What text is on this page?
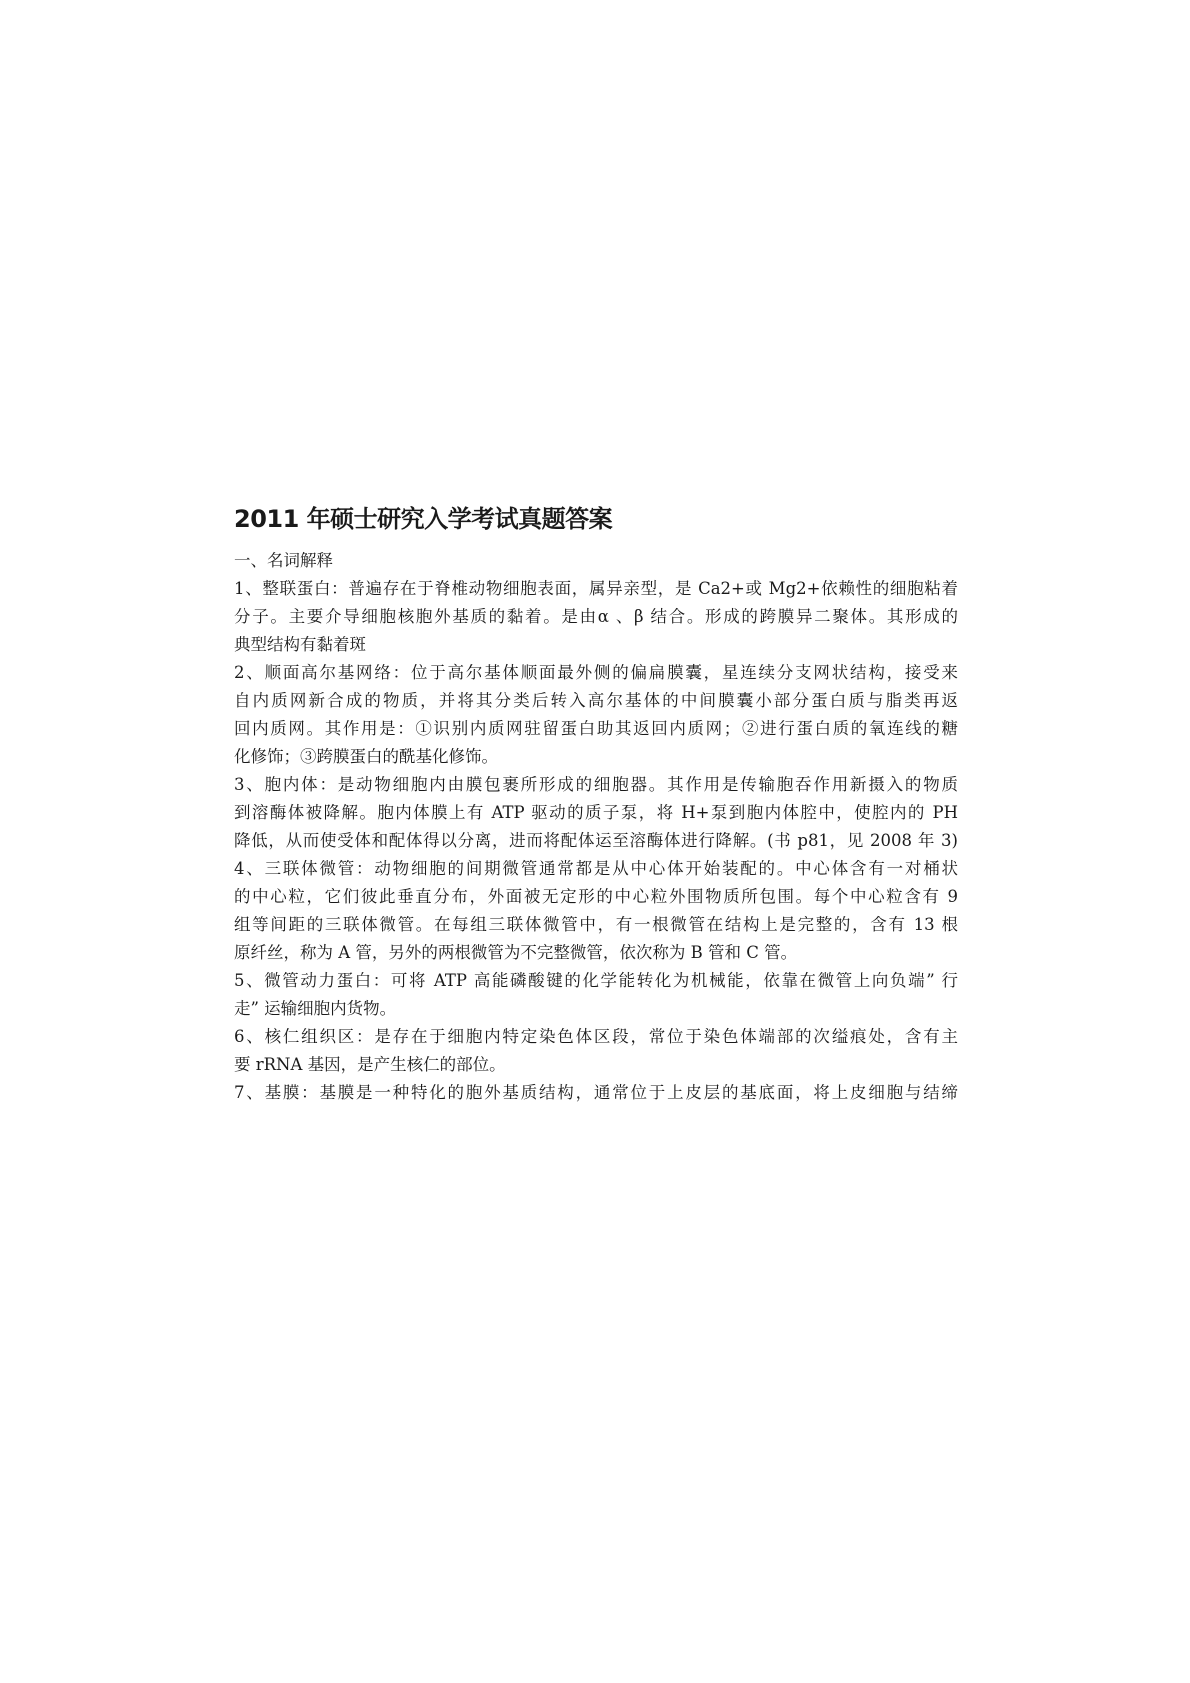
2011 年硕士研究入学考试真题答案
一、名词解释
1、整联蛋白：普遍存在于脊椎动物细胞表面，属异亲型，是 Ca2+或 Mg2+依赖性的细胞粘着
分子。主要介导细胞核胞外基质的黏着。是由α 、β 结合。形成的跨膜异二聚体。其形成的
典型结构有黏着斑
2、顺面高尔基网络：位于高尔基体顺面最外侧的偏扁膜囊，星连续分支网状结构，接受来
自内质网新合成的物质，并将其分类后转入高尔基体的中间膜囊小部分蛋白质与脂类再返
回内质网。其作用是：①识别内质网驻留蛋白助其返回内质网；②进行蛋白质的氧连线的糖
化修饰；③跨膜蛋白的酰基化修饰。
3、胞内体：是动物细胞内由膜包裹所形成的细胞器。其作用是传输胞吞作用新摄入的物质
到溶酶体被降解。胞内体膜上有 ATP 驱动的质子泵，将 H+泵到胞内体腔中，使腔内的 PH
降低，从而使受体和配体得以分离，进而将配体运至溶酶体进行降解。(书 p81，见 2008 年 3)
4、三联体微管：动物细胞的间期微管通常都是从中心体开始装配的。中心体含有一对桶状
的中心粒，它们彼此垂直分布，外面被无定形的中心粒外围物质所包围。每个中心粒含有 9
组等间距的三联体微管。在每组三联体微管中，有一根微管在结构上是完整的，含有 13 根
原纤丝，称为 A 管，另外的两根微管为不完整微管，依次称为 B 管和 C 管。
5、微管动力蛋白：可将 ATP 高能磷酸键的化学能转化为机械能，依靠在微管上向负端” 行
走” 运输细胞内货物。
6、核仁组织区：是存在于细胞内特定染色体区段，常位于染色体端部的次缢痕处，含有主
要 rRNA 基因，是产生核仁的部位。
7、基膜：基膜是一种特化的胞外基质结构，通常位于上皮层的基底面，将上皮细胞与结缔
